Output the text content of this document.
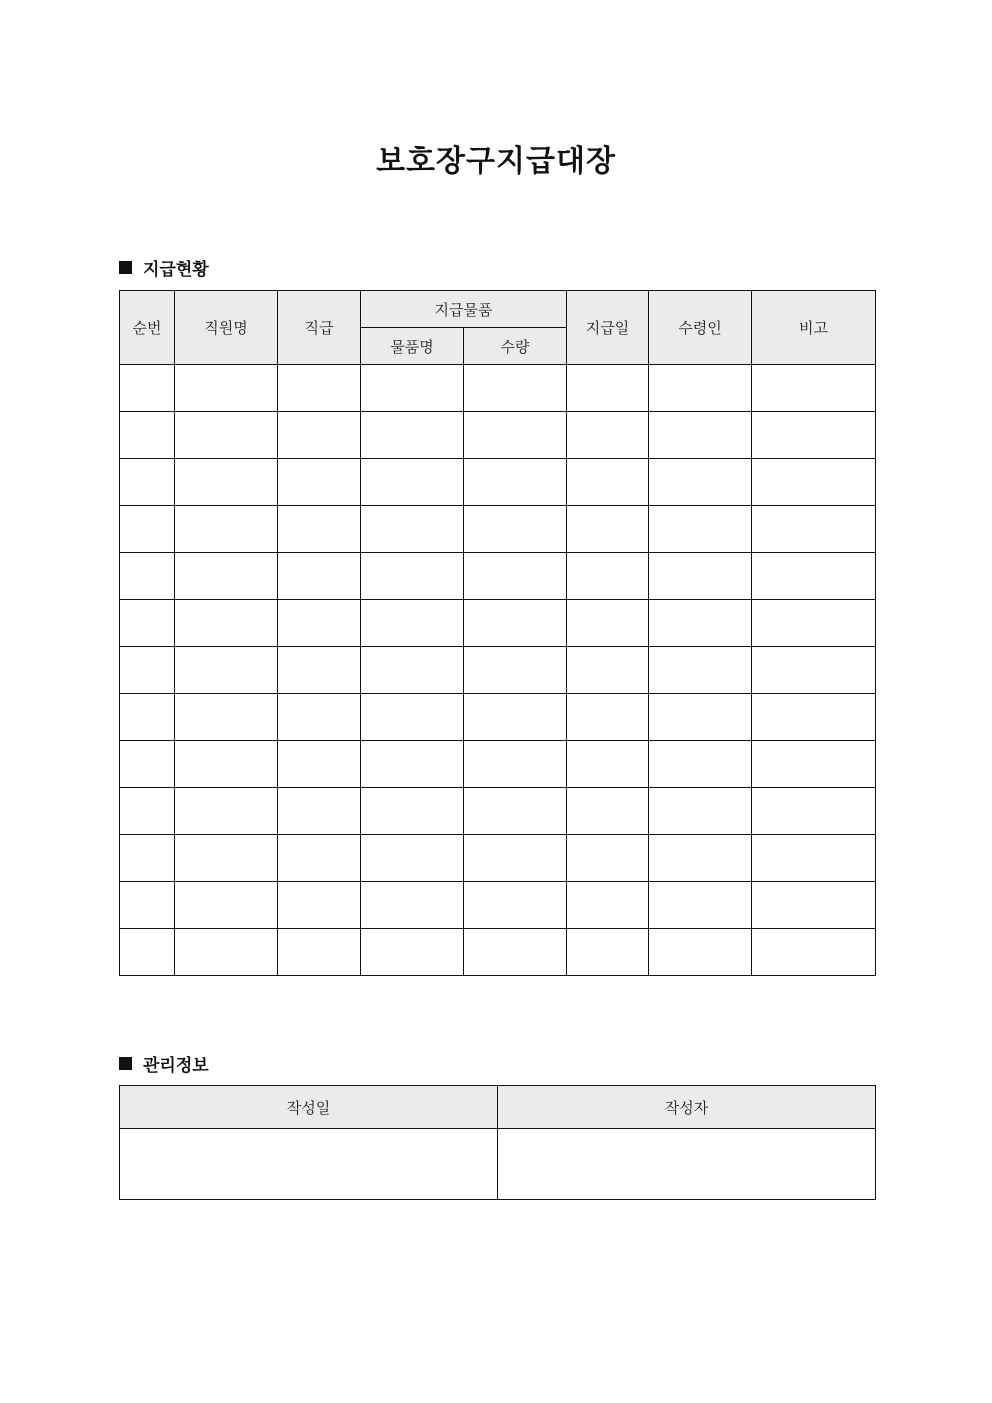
보호장구지급대장
지급현황
순번	직원명	직급	지급물품		지급일	수령인	비고
			물품명	수량			

관리정보
작성일	작성자
